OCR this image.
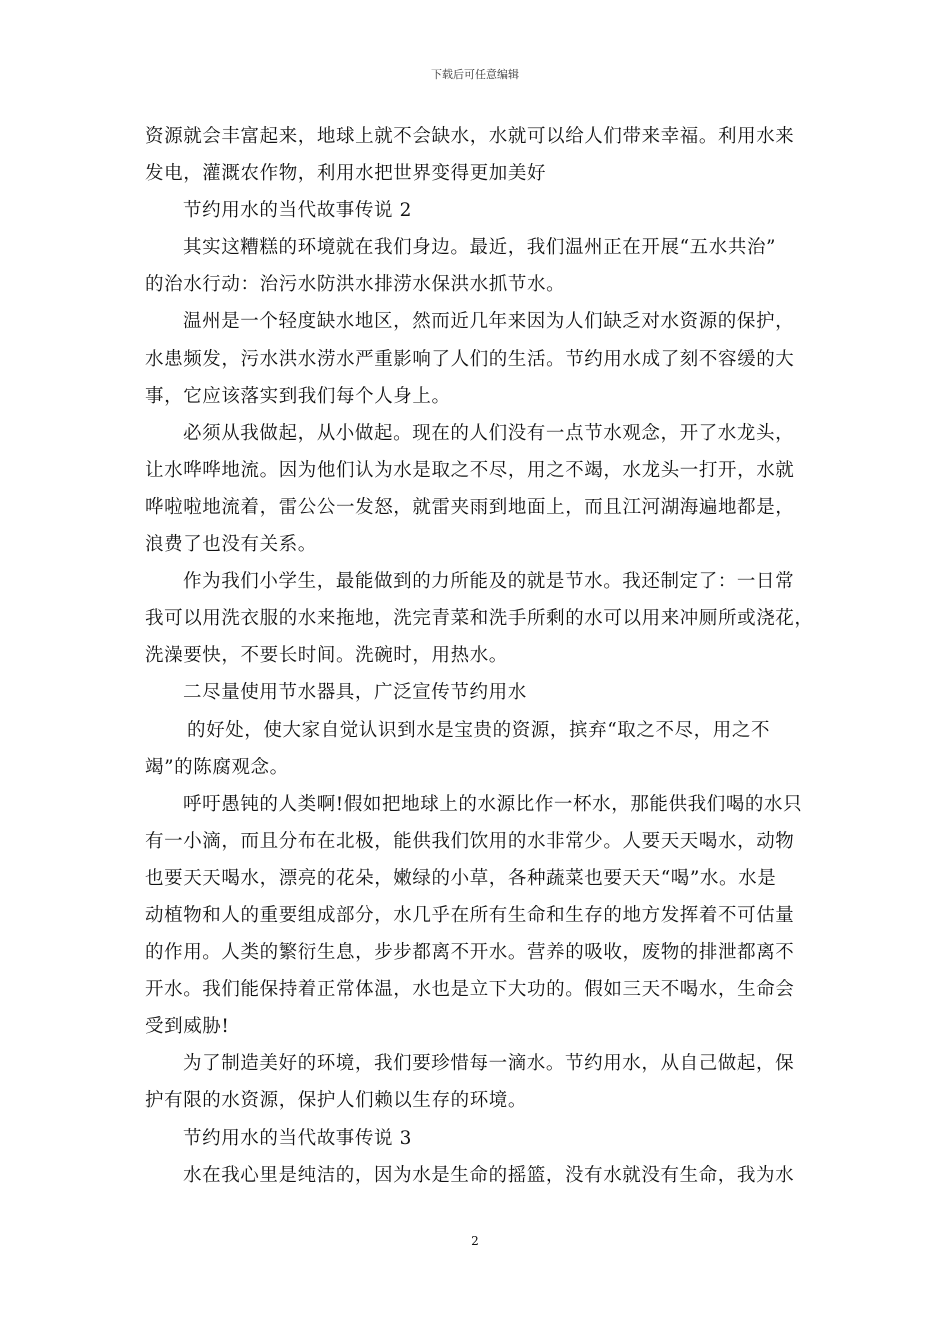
下载后可任意编辑

资源就会丰富起来，地球上就不会缺水，水就可以给人们带来幸福。利用水来

发电，灌溉农作物，利用水把世界变得更加美好

节约用水的当代故事传说 2

其实这糟糕的环境就在我们身边。最近，我们温州正在开展“五水共治”

的治水行动：治污水防洪水排涝水保洪水抓节水。

温州是一个轻度缺水地区，然而近几年来因为人们缺乏对水资源的保护，

水患频发，污水洪水涝水严重影响了人们的生活。节约用水成了刻不容缓的大

事，它应该落实到我们每个人身上。

必须从我做起，从小做起。现在的人们没有一点节水观念，开了水龙头，

让水哗哗地流。因为他们认为水是取之不尽，用之不竭，水龙头一打开，水就

哗啦啦地流着，雷公公一发怒，就雷夹雨到地面上，而且江河湖海遍地都是，

浪费了也没有关系。

作为我们小学生，最能做到的力所能及的就是节水。我还制定了：一日常

我可以用洗衣服的水来拖地，洗完青菜和洗手所剩的水可以用来冲厕所或浇花，

洗澡要快，不要长时间。洗碗时，用热水。

二尽量使用节水器具，广泛宣传节约用水

的好处，使大家自觉认识到水是宝贵的资源，摈弃“取之不尽，用之不

竭”的陈腐观念。

呼吁愚钝的人类啊!假如把地球上的水源比作一杯水，那能供我们喝的水只

有一小滴，而且分布在北极，能供我们饮用的水非常少。人要天天喝水，动物

也要天天喝水，漂亮的花朵，嫩绿的小草，各种蔬菜也要天天“喝”水。水是

动植物和人的重要组成部分，水几乎在所有生命和生存的地方发挥着不可估量

的作用。人类的繁衍生息，步步都离不开水。营养的吸收，废物的排泄都离不

开水。我们能保持着正常体温，水也是立下大功的。假如三天不喝水，生命会

受到威胁!

为了制造美好的环境，我们要珍惜每一滴水。节约用水，从自己做起，保

护有限的水资源，保护人们赖以生存的环境。

节约用水的当代故事传说 3

水在我心里是纯洁的，因为水是生命的摇篮，没有水就没有生命，我为水

2
